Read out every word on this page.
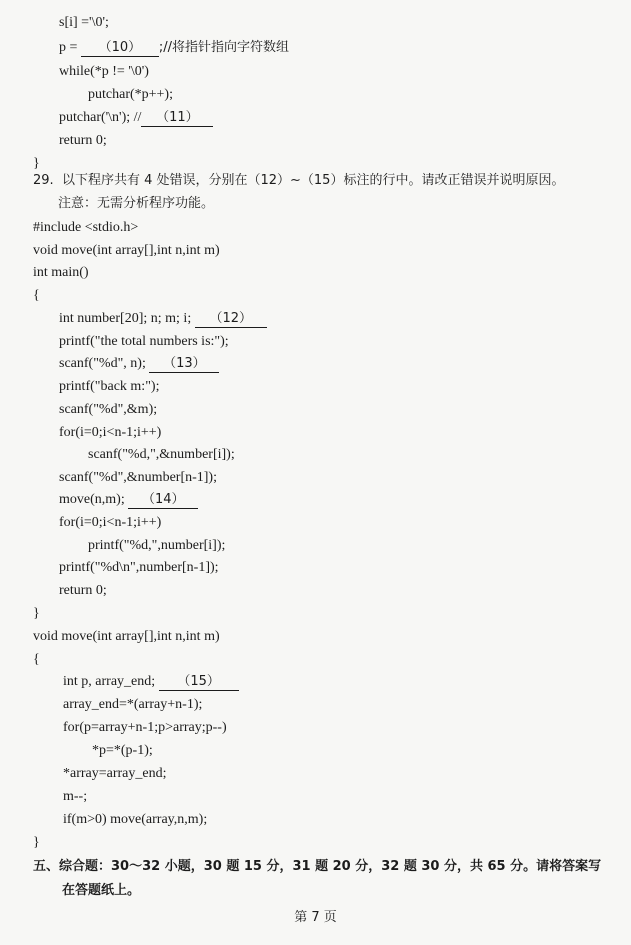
s[i] ='\0';
p = （10） ;//将指针指向字符数组
while(*p != '\0')
putchar(*p++);
putchar('\n'); // （11）
return 0;
}
29.  以下程序共有 4 处错误，分别在（12）~（15）标注的行中。请改正错误并说明原因。
注意：无需分析程序功能。
#include <stdio.h>
void move(int array[],int n,int m)
int main()
{
int number[20]; n; m; i; （12）
printf("the total numbers is:");
scanf("%d", n); （13）
printf("back m:");
scanf("%d",&m);
for(i=0;i<n-1;i++)
scanf("%d,",&number[i]);
scanf("%d",&number[n-1]);
move(n,m); （14）
for(i=0;i<n-1;i++)
printf("%d,",number[i]);
printf("%d\n",number[n-1]);
return 0;
}
void move(int array[],int n,int m)
{
int p, array_end; （15）
array_end=*(array+n-1);
for(p=array+n-1;p>array;p--)
*p=*(p-1);
*array=array_end;
m--;
if(m>0) move(array,n,m);
}
五、综合题：30～32 小题，30 题 15 分，31 题 20 分，32 题 30 分，共 65 分。请将答案写
在答题纸上。
第 7 页
